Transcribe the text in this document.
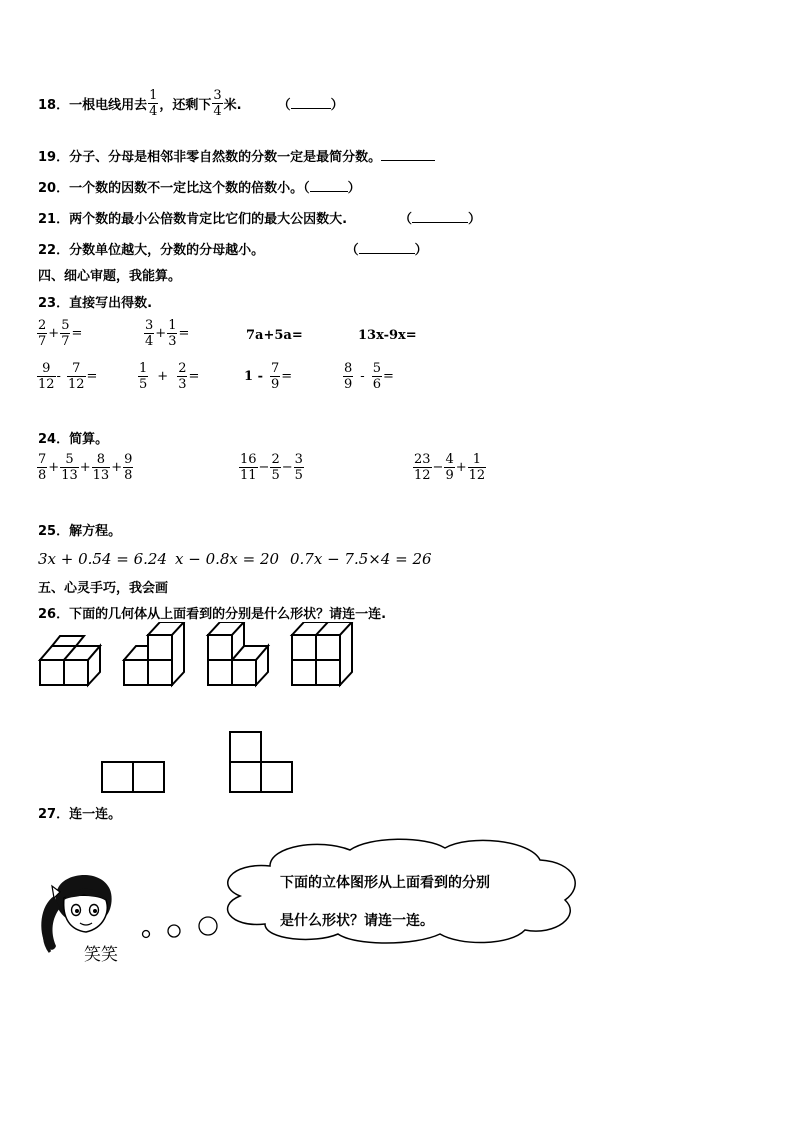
18．一根电线用去 $\frac{1}{4}$ ，还剩下 $\frac{3}{4}$ 米.	（	）
19．分子、分母是相邻非零自然数的分数一定是最简分数。
20．一个数的因数不一定比这个数的倍数小。（	）
21．两个数的最小公倍数肯定比它们的最大公因数大.	（	）
22．分数单位越大，分数的分母越小。	（	）
四、细心审题，我能算。
23．直接写出得数.
$\frac{2}{7} + \frac{5}{7}$ =	$\frac{3}{4} + \frac{1}{3}$ =	7a+5a=	13x-9x=
$\frac{9}{12} - \frac{7}{12}$ =	$\frac{1}{5} + \frac{2}{3}$ =	$1 - \frac{7}{9}$ =	$\frac{8}{9} - \frac{5}{6}$ =
24．简算。
$\frac{7}{8} + \frac{5}{13} + \frac{8}{13} + \frac{9}{8}$	$\frac{16}{11} - \frac{2}{5} - \frac{3}{5}$	$\frac{23}{12} - \frac{4}{9} + \frac{1}{12}$
25．解方程。
3x + 0.54 = 6.24 x − 0.8x = 20 0.7x − 7.5×4 = 26
五、心灵手巧，我会画
26．下面的几何体从上面看到的分别是什么形状？请连一连.
27．连一连。
下面的立体图形从上面看到的分别
是什么形状？请连一连。
笑笑
